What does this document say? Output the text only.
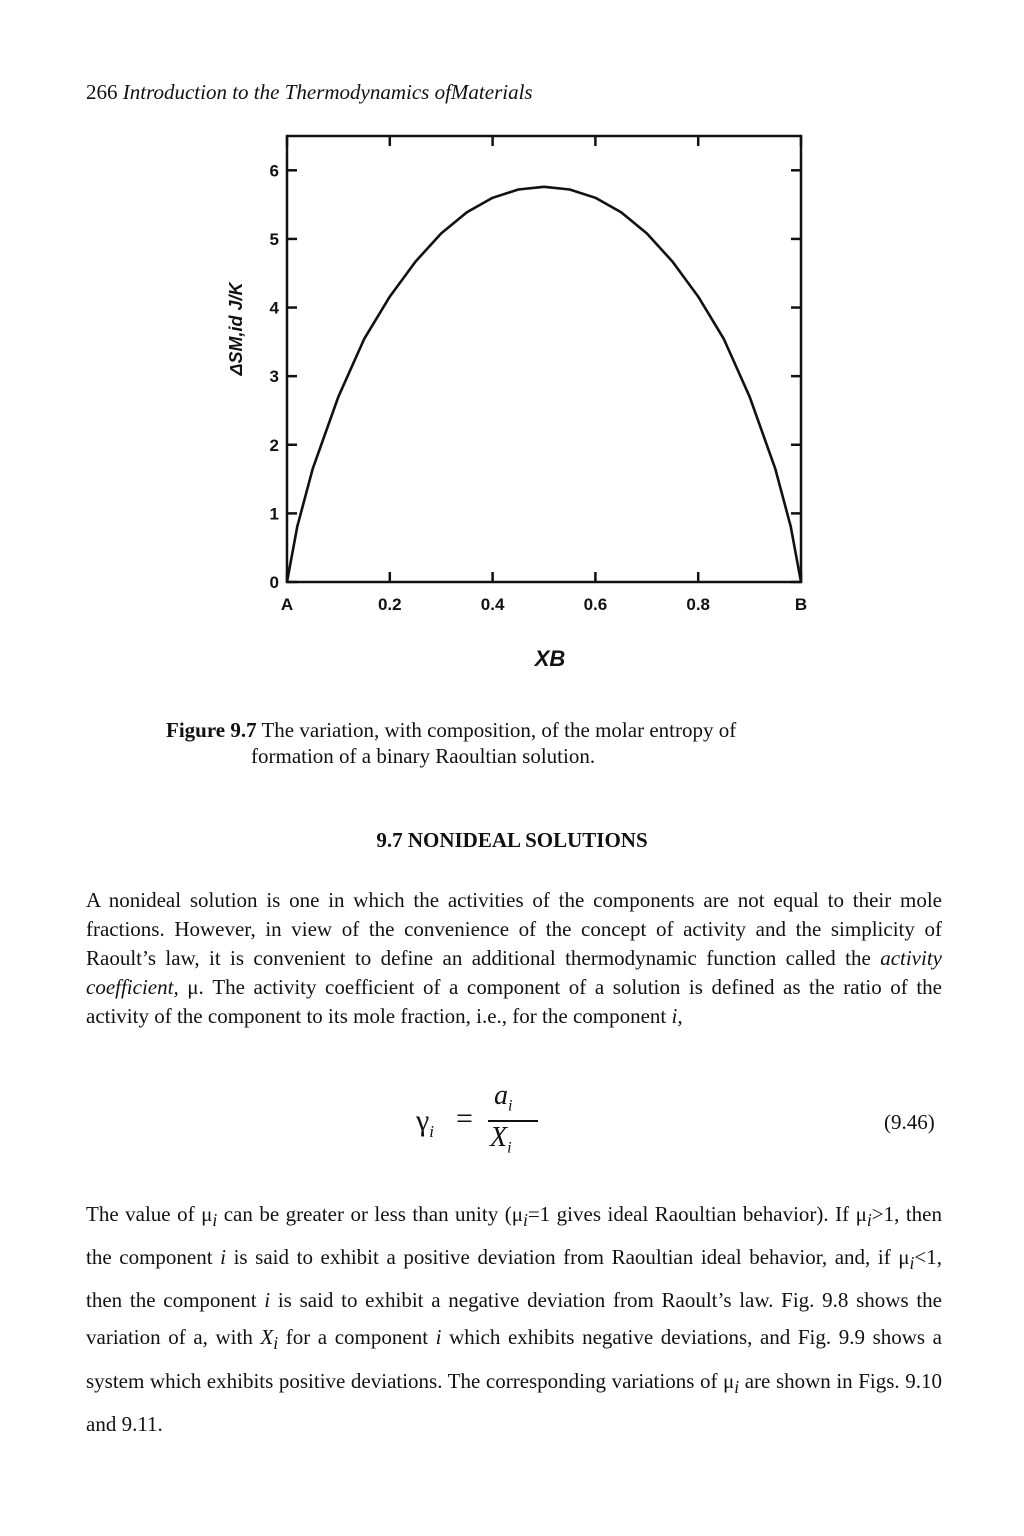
266 Introduction to the Thermodynamics ofMaterials
A	0.2	0.4	0.6	0.8	B
0
1
2
3
4
5
6
XB
ΔSM,id J/K
Figure 9.7 The variation, with composition, of the molar entropy of
formation of a binary Raoultian solution.
9.7 NONIDEAL SOLUTIONS
A nonideal solution is one in which the activities of the components are not equal to their mole fractions. However, in view of the convenience of the concept of activity and the simplicity of Raoult’s law, it is convenient to define an additional thermodynamic function called the activity coefficient, μ. The activity coefficient of a component of a solution is defined as the ratio of the activity of the component to its mole fraction, i.e., for the component i,
$\gamma_i$ =
$a_i$
$X_i$
(9.46)
The value of $\mu_i$ can be greater or less than unity ($\mu_i=1$ gives ideal Raoultian behavior). If $\mu_i>1$, then the component i is said to exhibit a positive deviation from Raoultian ideal behavior, and, if $\mu_i<1$, then the component i is said to exhibit a negative deviation from Raoult’s law. Fig. 9.8 shows the variation of a, with $X_i$ for a component i which exhibits negative deviations, and Fig. 9.9 shows a system which exhibits positive deviations. The corresponding variations of $\mu_i$ are shown in Figs. 9.10 and 9.11.
